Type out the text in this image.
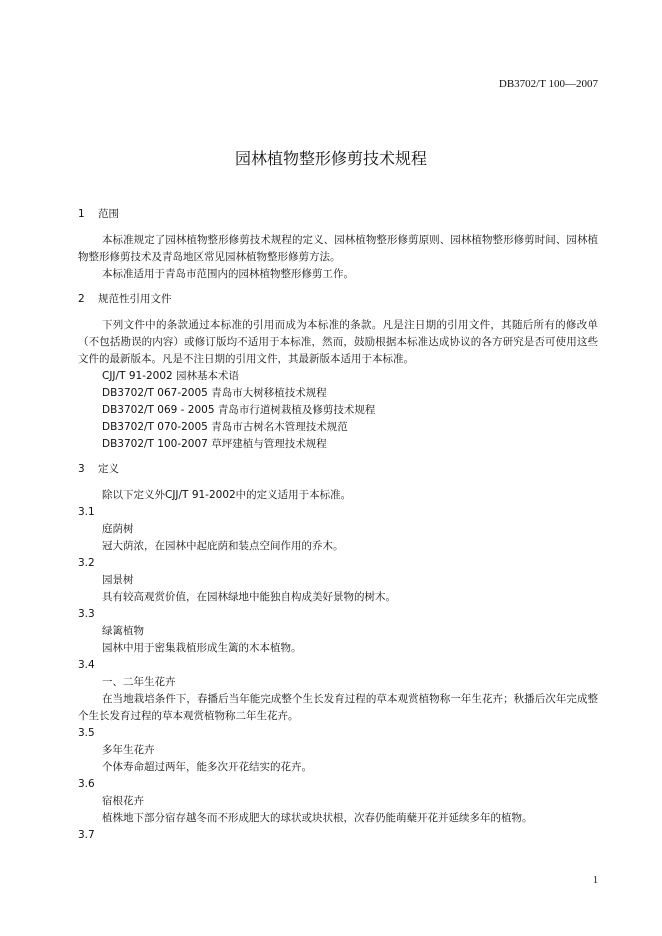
DB3702/T 100—2007
园林植物整形修剪技术规程

1 范围

本标准规定了园林植物整形修剪技术规程的定义、园林植物整形修剪原则、园林植物整形修剪时间、园林植物整形修剪技术及青岛地区常见园林植物整形修剪方法。

本标准适用于青岛市范围内的园林植物整形修剪工作。

2 规范性引用文件

下列文件中的条款通过本标准的引用而成为本标准的条款。凡是注日期的引用文件，其随后所有的修改单（不包括勘误的内容）或修订版均不适用于本标准，然而，鼓励根据本标准达成协议的各方研究是否可使用这些文件的最新版本。凡是不注日期的引用文件，其最新版本适用于本标准。

CJJ/T 91-2002 园林基本术语

DB3702/T 067-2005 青岛市大树移植技术规程

DB3702/T 069 - 2005 青岛市行道树栽植及修剪技术规程

DB3702/T 070-2005 青岛市古树名木管理技术规范

DB3702/T 100-2007 草坪建植与管理技术规程

3 定义

除以下定义外CJJ/T 91-2002中的定义适用于本标准。

3.1

庭荫树

冠大荫浓，在园林中起庇荫和装点空间作用的乔木。

3.2

园景树

具有较高观赏价值，在园林绿地中能独自构成美好景物的树木。

3.3

绿篱植物

园林中用于密集栽植形成生篱的木本植物。

3.4

一、二年生花卉

在当地栽培条件下，春播后当年能完成整个生长发育过程的草本观赏植物称一年生花卉；秋播后次年完成整个生长发育过程的草本观赏植物称二年生花卉。

3.5

多年生花卉

个体寿命超过两年，能多次开花结实的花卉。

3.6

宿根花卉

植株地下部分宿存越冬而不形成肥大的球状或块状根，次春仍能萌蘖开花并延续多年的植物。

3.7

1
